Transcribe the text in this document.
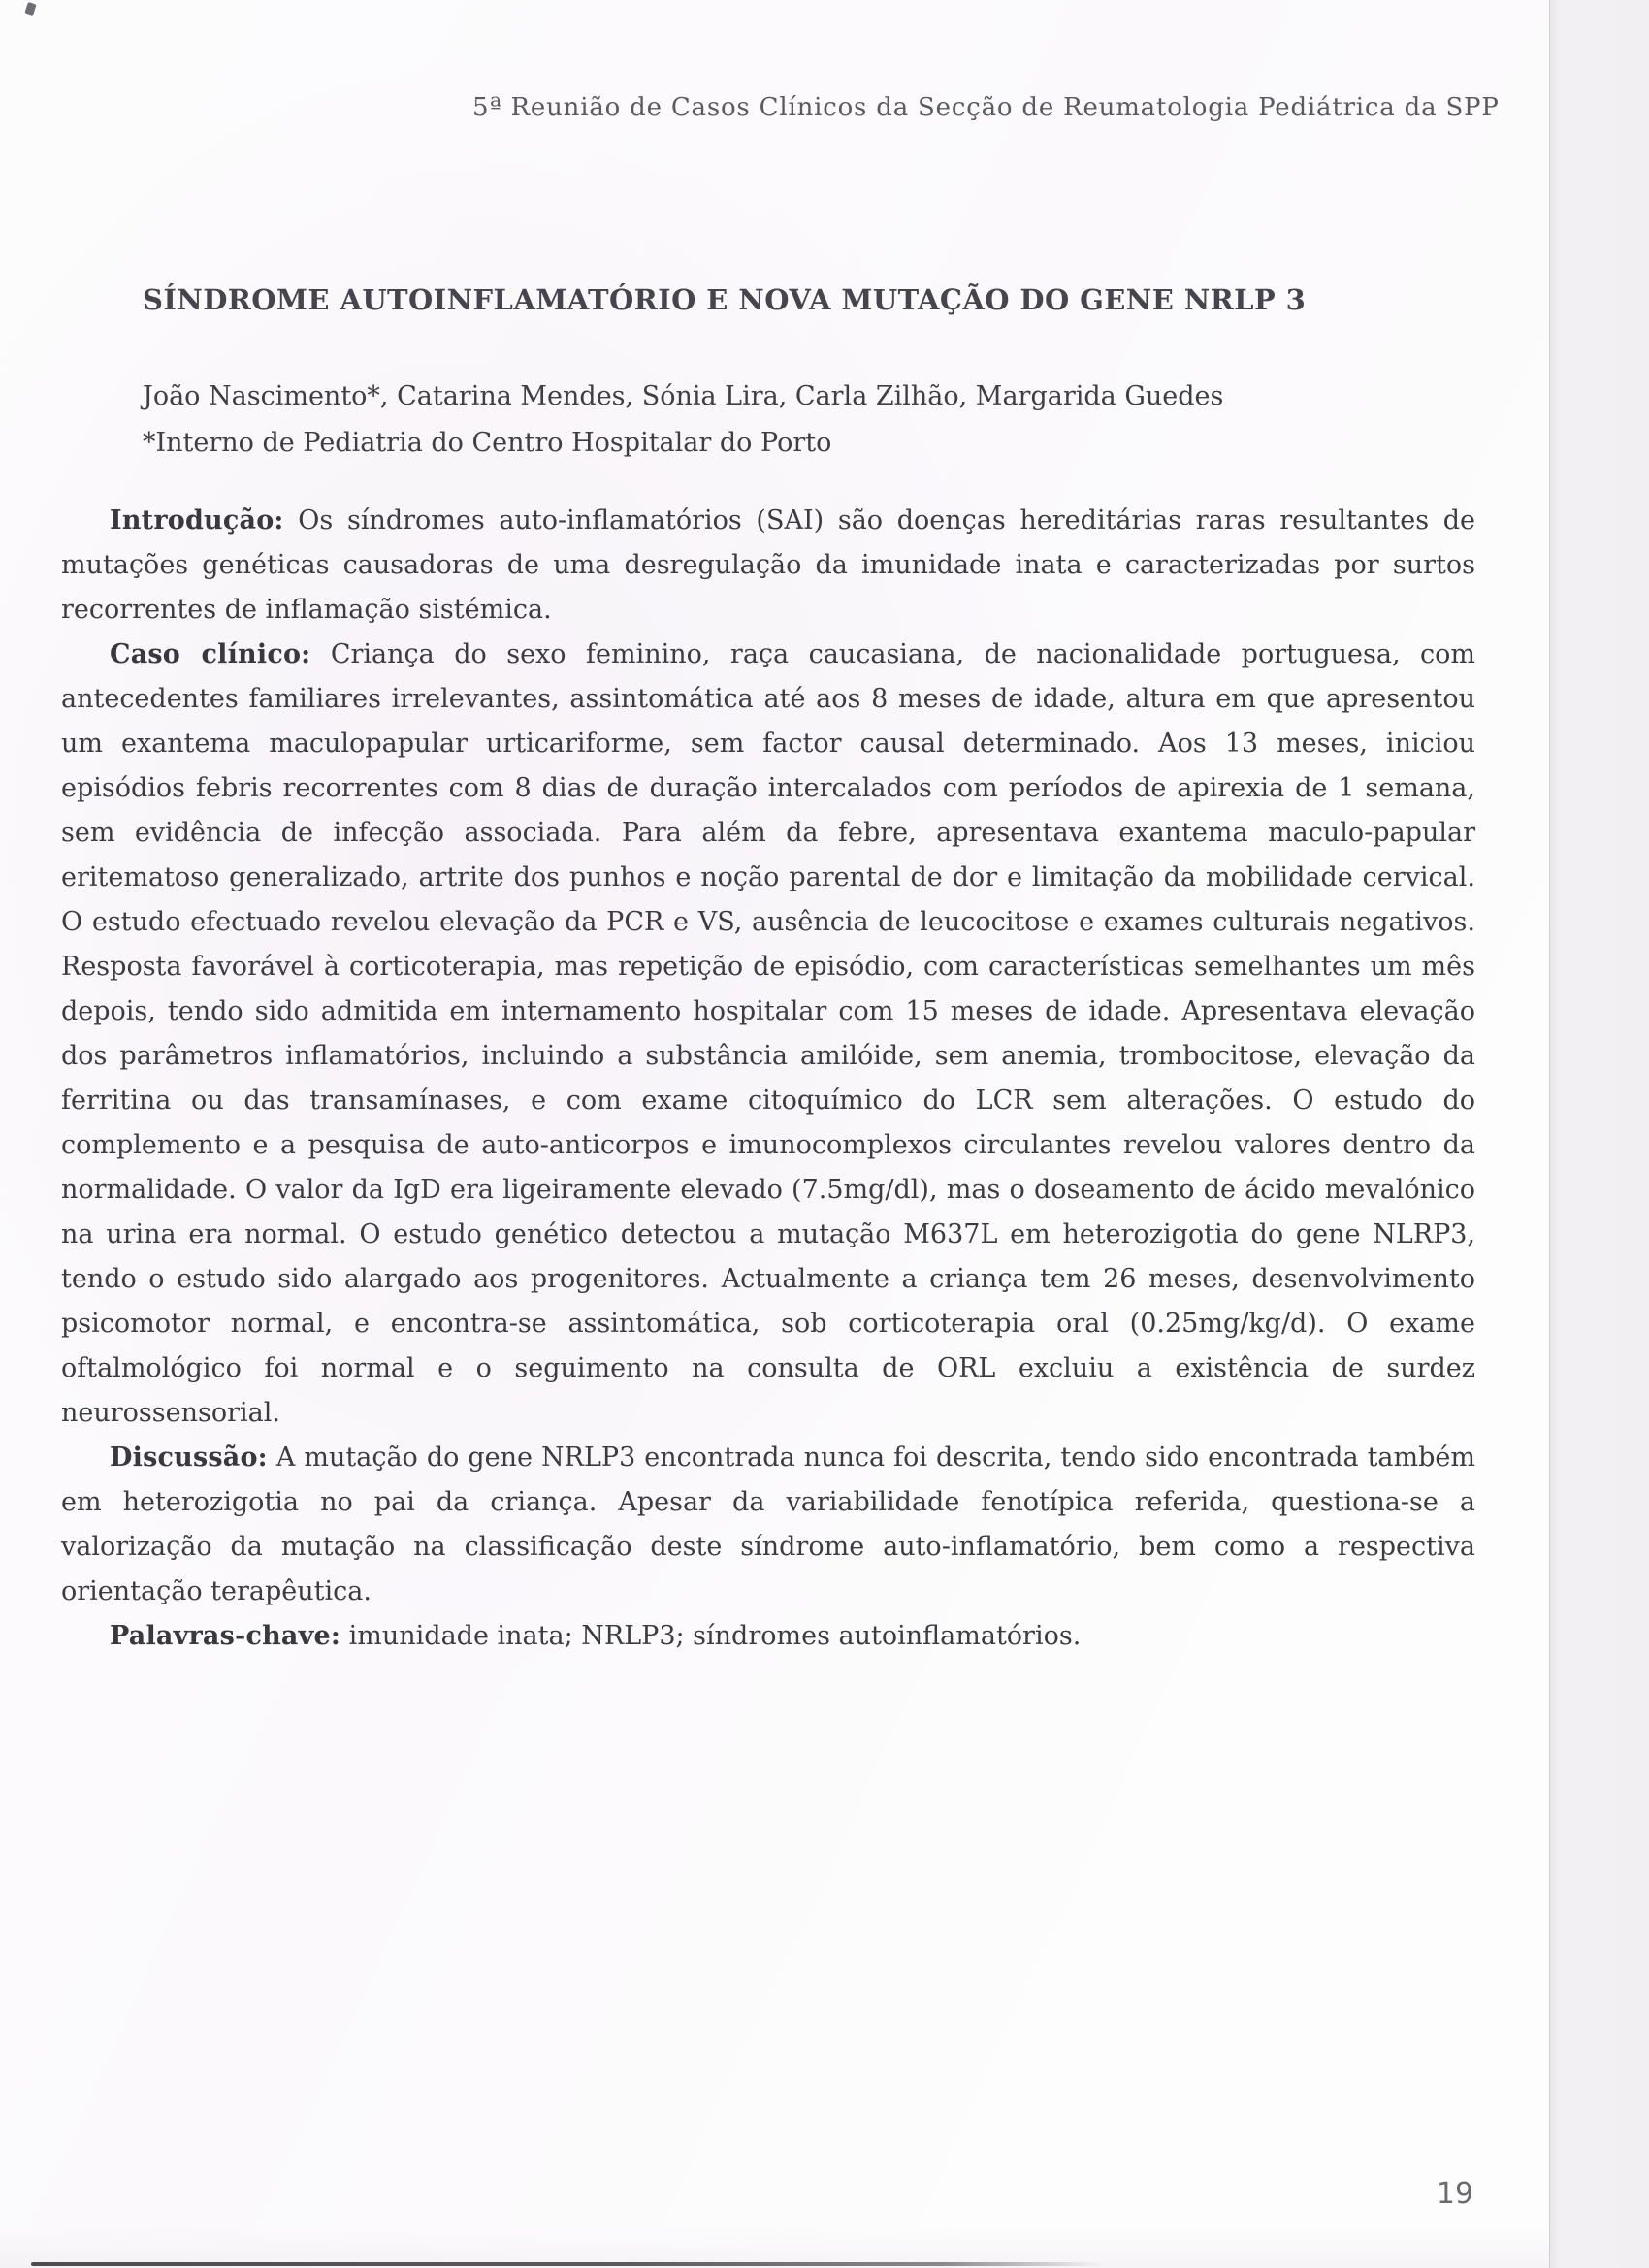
5ª Reunião de Casos Clínicos da Secção de Reumatologia Pediátrica da SPP
SÍNDROME AUTOINFLAMATÓRIO E NOVA MUTAÇÃO DO GENE NRLP 3
João Nascimento*, Catarina Mendes, Sónia Lira, Carla Zilhão, Margarida Guedes
*Interno de Pediatria do Centro Hospitalar do Porto

Introdução: Os síndromes auto-inflamatórios (SAI) são doenças hereditárias raras resultantes de mutações genéticas causadoras de uma desregulação da imunidade inata e caracterizadas por surtos recorrentes de inflamação sistémica.

Caso clínico: Criança do sexo feminino, raça caucasiana, de nacionalidade portuguesa, com antecedentes familiares irrelevantes, assintomática até aos 8 meses de idade, altura em que apresentou um exantema maculopapular urticariforme, sem factor causal determinado. Aos 13 meses, iniciou episódios febris recorrentes com 8 dias de duração intercalados com períodos de apirexia de 1 semana, sem evidência de infecção associada. Para além da febre, apresentava exantema maculo-papular eritematoso generalizado, artrite dos punhos e noção parental de dor e limitação da mobilidade cervical. O estudo efectuado revelou elevação da PCR e VS, ausência de leucocitose e exames culturais negativos. Resposta favorável à corticoterapia, mas repetição de episódio, com características semelhantes um mês depois, tendo sido admitida em internamento hospitalar com 15 meses de idade. Apresentava elevação dos parâmetros inflamatórios, incluindo a substância amilóide, sem anemia, trombocitose, elevação da ferritina ou das transamínases, e com exame citoquímico do LCR sem alterações. O estudo do complemento e a pesquisa de auto-anticorpos e imunocomplexos circulantes revelou valores dentro da normalidade. O valor da IgD era ligeiramente elevado (7.5mg/dl), mas o doseamento de ácido mevalónico na urina era normal. O estudo genético detectou a mutação M637L em heterozigotia do gene NLRP3, tendo o estudo sido alargado aos progenitores. Actualmente a criança tem 26 meses, desenvolvimento psicomotor normal, e encontra-se assintomática, sob corticoterapia oral (0.25mg/kg/d). O exame oftalmológico foi normal e o seguimento na consulta de ORL excluiu a existência de surdez neurossensorial.

Discussão: A mutação do gene NRLP3 encontrada nunca foi descrita, tendo sido encontrada também em heterozigotia no pai da criança. Apesar da variabilidade fenotípica referida, questiona-se a valorização da mutação na classificação deste síndrome auto-inflamatório, bem como a respectiva orientação terapêutica.

Palavras-chave: imunidade inata; NRLP3; síndromes autoinflamatórios.

19
